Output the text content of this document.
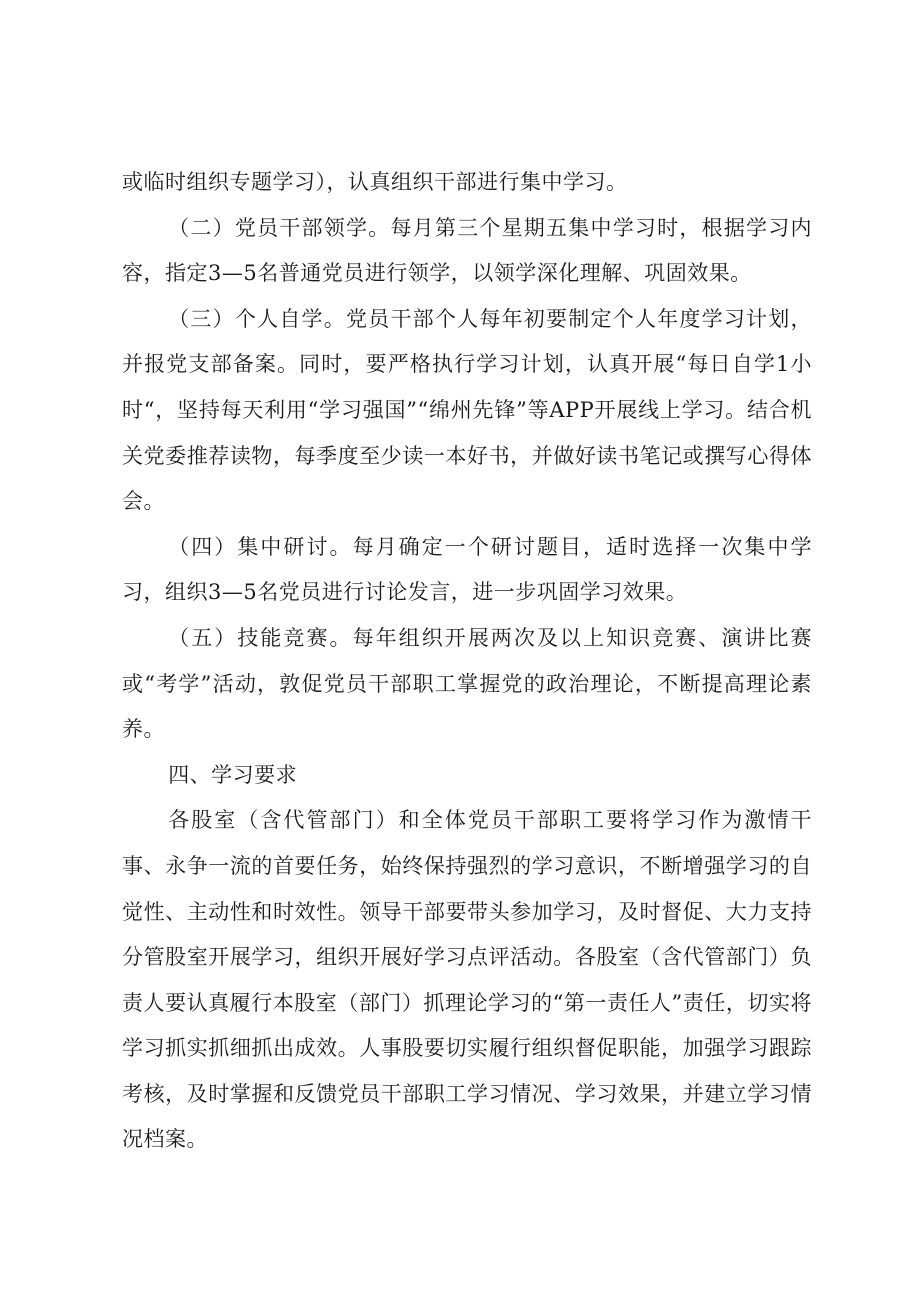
或临时组织专题学习），认真组织干部进行集中学习。

（二）党员干部领学。每月第三个星期五集中学习时，根据学习内容，指定3—5名普通党员进行领学，以领学深化理解、巩固效果。

（三）个人自学。党员干部个人每年初要制定个人年度学习计划，并报党支部备案。同时，要严格执行学习计划，认真开展“每日自学1小时“，坚持每天利用“学习强国”“绵州先锋”等APP开展线上学习。结合机关党委推荐读物，每季度至少读一本好书，并做好读书笔记或撰写心得体会。

（四）集中研讨。每月确定一个研讨题目，适时选择一次集中学习，组织3—5名党员进行讨论发言，进一步巩固学习效果。

（五）技能竞赛。每年组织开展两次及以上知识竞赛、演讲比赛或“考学”活动，敦促党员干部职工掌握党的政治理论，不断提高理论素养。

四、学习要求

各股室（含代管部门）和全体党员干部职工要将学习作为激情干事、永争一流的首要任务，始终保持强烈的学习意识，不断增强学习的自觉性、主动性和时效性。领导干部要带头参加学习，及时督促、大力支持分管股室开展学习，组织开展好学习点评活动。各股室（含代管部门）负责人要认真履行本股室（部门）抓理论学习的“第一责任人”责任，切实将学习抓实抓细抓出成效。人事股要切实履行组织督促职能，加强学习跟踪考核，及时掌握和反馈党员干部职工学习情况、学习效果，并建立学习情况档案。
